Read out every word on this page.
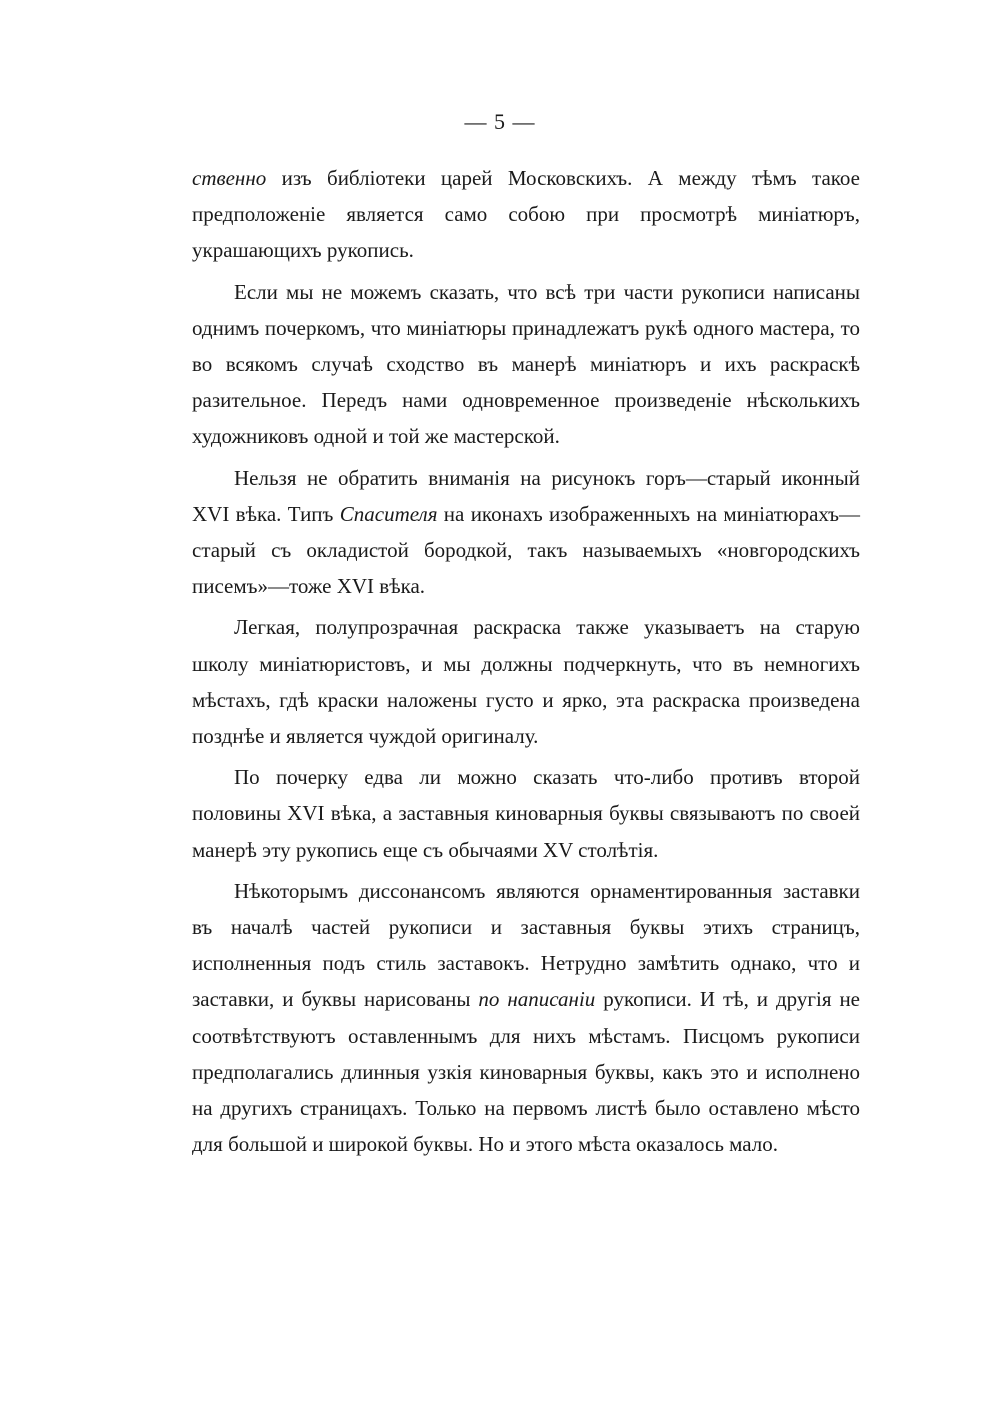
— 5 —

ственно изъ библіотеки царей Московскихъ. А между тѣмъ такое предположеніе является само собою при просмотрѣ миніатюръ, украшающихъ рукопись.

Если мы не можемъ сказать, что всѣ три части рукописи написаны однимъ почеркомъ, что миніатюры принадлежатъ рукѣ одного мастера, то во всякомъ случаѣ сходство въ манерѣ миніатюръ и ихъ раскраскѣ разительное. Передъ нами одновременное произведеніе нѣсколькихъ художниковъ одной и той же мастерской.

Нельзя не обратить вниманія на рисунокъ горъ—старый иконный XVI вѣка. Типъ Спасителя на иконахъ изображенныхъ на миніатюрахъ—старый съ окладистой бородкой, такъ называемыхъ «новгородскихъ писемъ»—тоже XVI вѣка.

Легкая, полупрозрачная раскраска также указываетъ на старую школу миніатюристовъ, и мы должны подчеркнуть, что въ немногихъ мѣстахъ, гдѣ краски наложены густо и ярко, эта раскраска произведена позднѣе и является чуждой оригиналу.

По почерку едва ли можно сказать что-либо противъ второй половины XVI вѣка, а заставныя киноварныя буквы связываютъ по своей манерѣ эту рукопись еще съ обычаями XV столѣтія.

Нѣкоторымъ диссонансомъ являются орнаментированныя заставки въ началѣ частей рукописи и заставныя буквы этихъ страницъ, исполненныя подъ стиль заставокъ. Нетрудно замѣтить однако, что и заставки, и буквы нарисованы по написаніи рукописи. И тѣ, и другія не соотвѣтствуютъ оставленнымъ для нихъ мѣстамъ. Писцомъ рукописи предполагались длинныя узкія киноварныя буквы, какъ это и исполнено на другихъ страницахъ. Только на первомъ листѣ было оставлено мѣсто для большой и широкой буквы. Но и этого мѣста оказалось мало.
